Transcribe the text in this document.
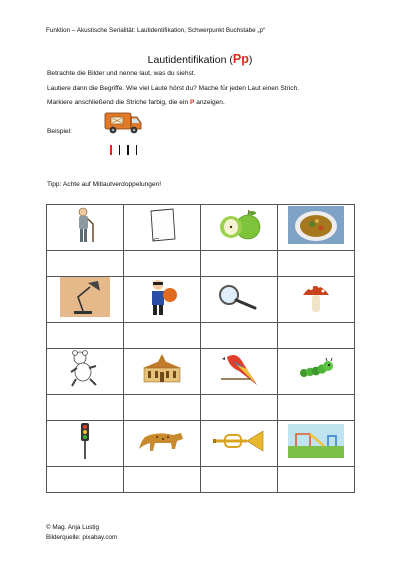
Funktion – Akustische Serialität: Lautidentifikation, Schwerpunkt Buchstabe „p“
Lautidentifikation (Pp)
Betrachte die Bilder und nenne laut, was du siehst.
Lautiere dann die Begriffe. Wie viel Laute hörst du? Mache für jeden Laut einen Strich.
Markiere anschließend die Striche farbig, die ein P anzeigen.
Beispiel:
Tipp: Achte auf Mitlautverdoppelungen!

© Mag. Anja Lustig
Bilderquelle: pixabay.com
